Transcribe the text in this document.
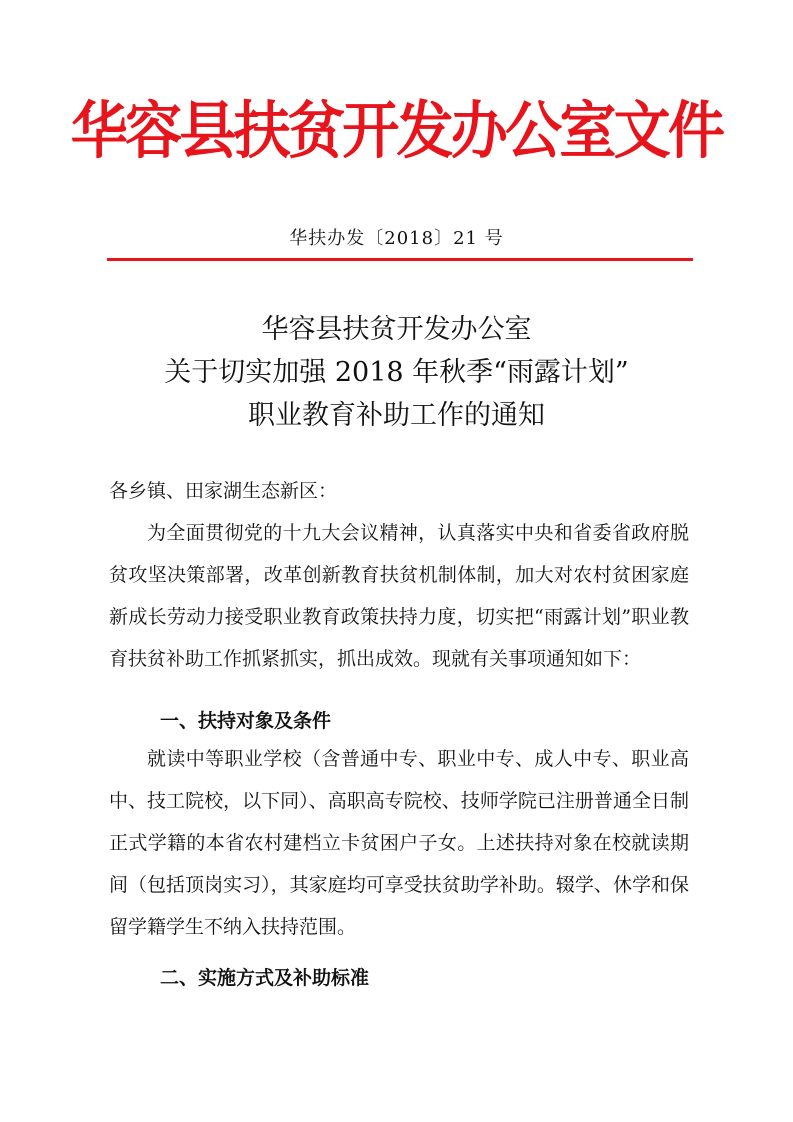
华容县扶贫开发办公室文件
华扶办发〔2018〕21 号
华容县扶贫开发办公室
关于切实加强 2018 年秋季“雨露计划”
职业教育补助工作的通知
各乡镇、田家湖生态新区：
为全面贯彻党的十九大会议精神，认真落实中央和省委省政府脱贫攻坚决策部署，改革创新教育扶贫机制体制，加大对农村贫困家庭新成长劳动力接受职业教育政策扶持力度，切实把“雨露计划”职业教育扶贫补助工作抓紧抓实，抓出成效。现就有关事项通知如下：
一、扶持对象及条件
就读中等职业学校（含普通中专、职业中专、成人中专、职业高中、技工院校，以下同）、高职高专院校、技师学院已注册普通全日制正式学籍的本省农村建档立卡贫困户子女。上述扶持对象在校就读期间（包括顶岗实习），其家庭均可享受扶贫助学补助。辍学、休学和保留学籍学生不纳入扶持范围。
二、实施方式及补助标准
